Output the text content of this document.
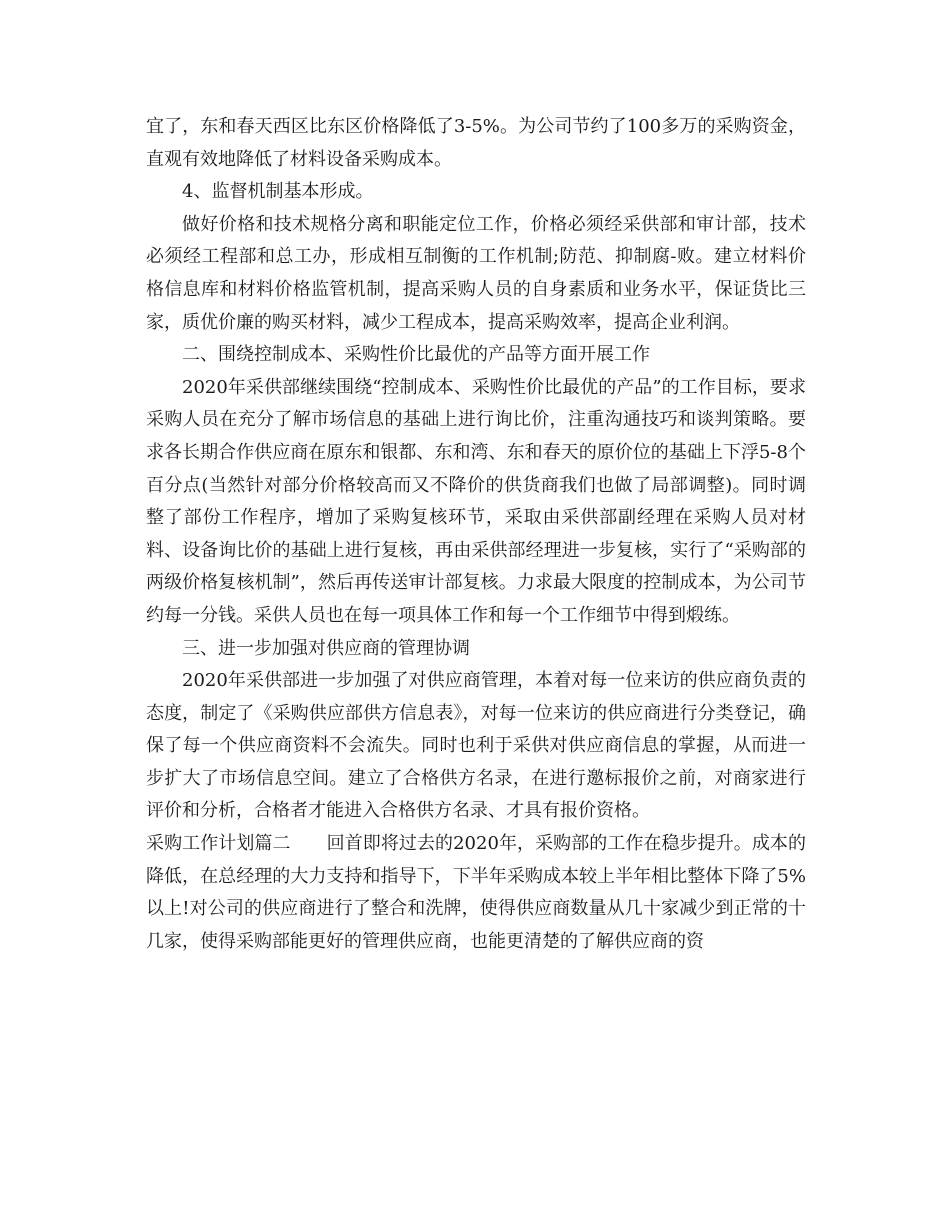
宜了，东和春天西区比东区价格降低了3-5%。为公司节约了100多万的采购资金，直观有效地降低了材料设备采购成本。

4、监督机制基本形成。

做好价格和技术规格分离和职能定位工作，价格必须经采供部和审计部，技术必须经工程部和总工办，形成相互制衡的工作机制;防范、抑制腐-败。建立材料价格信息库和材料价格监管机制，提高采购人员的自身素质和业务水平，保证货比三家，质优价廉的购买材料，减少工程成本，提高采购效率，提高企业利润。

二、围绕控制成本、采购性价比最优的产品等方面开展工作

2020年采供部继续围绕“控制成本、采购性价比最优的产品”的工作目标，要求采购人员在充分了解市场信息的基础上进行询比价，注重沟通技巧和谈判策略。要求各长期合作供应商在原东和银都、东和湾、东和春天的原价位的基础上下浮5-8个百分点(当然针对部分价格较高而又不降价的供货商我们也做了局部调整)。同时调整了部份工作程序，增加了采购复核环节，采取由采供部副经理在采购人员对材料、设备询比价的基础上进行复核，再由采供部经理进一步复核，实行了“采购部的两级价格复核机制”，然后再传送审计部复核。力求最大限度的控制成本，为公司节约每一分钱。采供人员也在每一项具体工作和每一个工作细节中得到煅练。

三、进一步加强对供应商的管理协调

2020年采供部进一步加强了对供应商管理，本着对每一位来访的供应商负责的态度，制定了《采购供应部供方信息表》，对每一位来访的供应商进行分类登记，确保了每一个供应商资料不会流失。同时也利于采供对供应商信息的掌握，从而进一步扩大了市场信息空间。建立了合格供方名录，在进行邀标报价之前，对商家进行评价和分析，合格者才能进入合格供方名录、才具有报价资格。

采购工作计划篇二　　回首即将过去的2020年，采购部的工作在稳步提升。成本的降低，在总经理的大力支持和指导下，下半年采购成本较上半年相比整体下降了5%以上!对公司的供应商进行了整合和洗牌，使得供应商数量从几十家减少到正常的十几家，使得采购部能更好的管理供应商，也能更清楚的了解供应商的资
